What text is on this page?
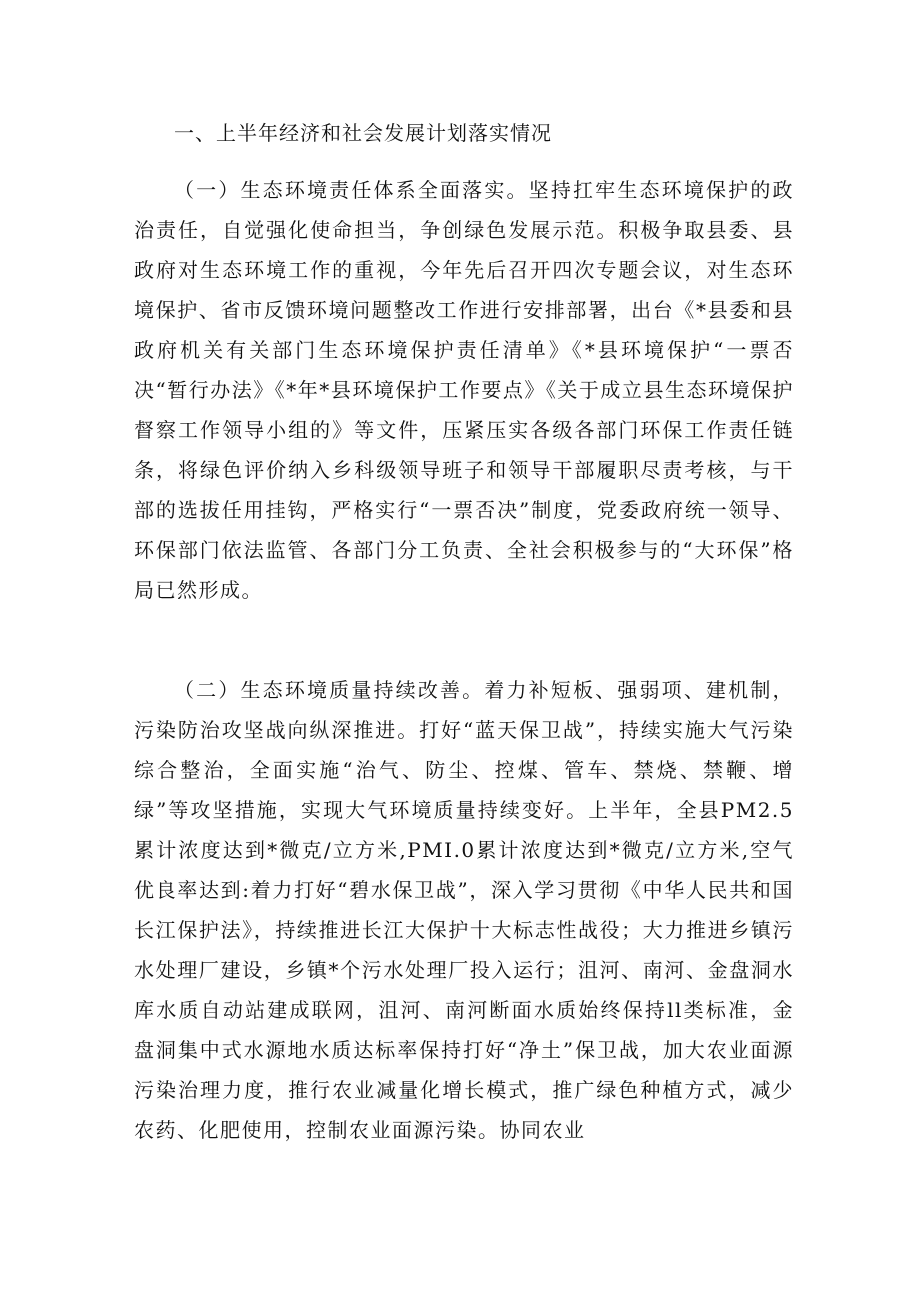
一、上半年经济和社会发展计划落实情况
（一）生态环境责任体系全面落实。坚持扛牢生态环境保护的政治责任，自觉强化使命担当，争创绿色发展示范。积极争取县委、县政府对生态环境工作的重视，今年先后召开四次专题会议，对生态环境保护、省市反馈环境问题整改工作进行安排部署，出台《*县委和县政府机关有关部门生态环境保护责任清单》《*县环境保护“一票否决“暂行办法》《*年*县环境保护工作要点》《关于成立县生态环境保护督察工作领导小组的》等文件，压紧压实各级各部门环保工作责任链条，将绿色评价纳入乡科级领导班子和领导干部履职尽责考核，与干部的选拔任用挂钩，严格实行“一票否决”制度，党委政府统一领导、环保部门依法监管、各部门分工负责、全社会积极参与的“大环保”格局已然形成。
（二）生态环境质量持续改善。着力补短板、强弱项、建机制，污染防治攻坚战向纵深推进。打好“蓝天保卫战”，持续实施大气污染综合整治，全面实施“治气、防尘、控煤、管车、禁烧、禁鞭、增绿”等攻坚措施，实现大气环境质量持续变好。上半年，全县PM2.5累计浓度达到*微克/立方米,PMI.0累计浓度达到*微克/立方米,空气优良率达到:着力打好“碧水保卫战”，深入学习贯彻《中华人民共和国长江保护法》，持续推进长江大保护十大标志性战役；大力推进乡镇污水处理厂建设，乡镇*个污水处理厂投入运行；沮河、南河、金盘洞水库水质自动站建成联网，沮河、南河断面水质始终保持ll类标准，金盘洞集中式水源地水质达标率保持打好“净土”保卫战，加大农业面源污染治理力度，推行农业减量化增长模式，推广绿色种植方式，减少农药、化肥使用，控制农业面源污染。协同农业
